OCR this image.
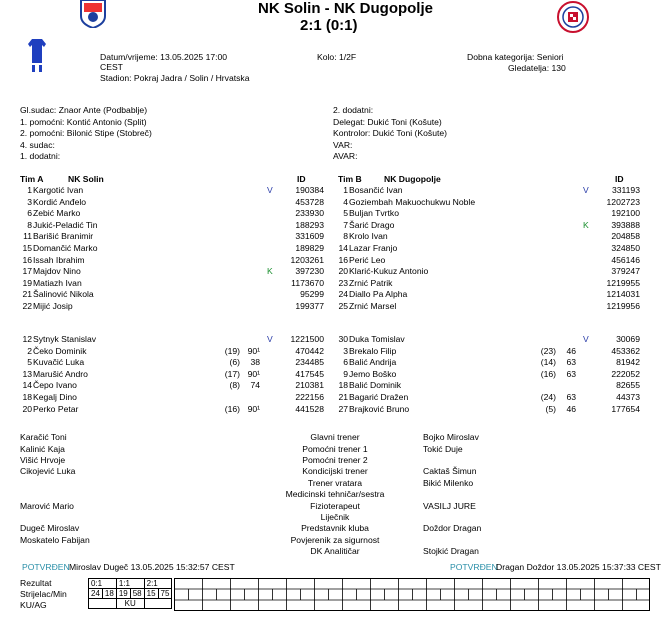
NK Solin - NK Dugopolje
2:1 (0:1)
Datum/vrijeme: 13.05.2025 17:00
CEST
Stadion: Pokraj Jadra / Solin / Hrvatska
Kolo: 1/2F	Dobna kategorija: Seniori
Gledatelja: 130
Gl.sudac: Znaor Ante (Podbablje)
1. pomoćni: Kontić Antonio (Split)
2. pomoćni: Bilonić Stipe (Stobreč)
4. sudac:
1. dodatni:
2. dodatni:
Delegat: Dukić Toni (Košute)
Kontrolor: Dukić Toni (Košute)
VAR:
AVAR:
Tim A	NK Solin	ID	Tim B	NK Dugopolje	ID
1 Kargotić Ivan	V	190384
3 Kordić Anđelo	453728
6 Zebić Marko	233930
8 Jukić-Peladić Tin	188293
11 Barišić Branimir	331609
15 Domančić Marko	189829
16 Issah Ibrahim	1203261
17 Majdov Nino	K	397230
19 Matiazh Ivan	1173670
21 Šalinović Nikola	95299
22 Mijić Josip	199377
12 Sytnyk Stanislav	V	1221500
2 Čeko Dominik	(19) 90¹	470442
5 Kuvačić Luka	(6)	38	234485
13 Marušić Andro	(17) 90¹	417545
14 Čepo Ivano	(8)	74	210381
18 Kegalj Dino	222156
20 Perko Petar	(16) 90¹	441528
1 Bosančić Ivan	V	331193
4 Goziembah Makuochukwu Noble	1202723
5 Buljan Tvrtko	192100
7 Šarić Drago	K	393888
8 Krolo Ivan	204858
14 Lazar Franjo	324850
16 Perić Leo	456146
20 Klarić-Kukuz Antonio	379247
23 Zrnić Patrik	1219955
24 Diallo Pa Alpha	1214031
25 Zrnić Marsel	1219956
30 Duka Tomislav	V	30069
3 Brekalo Filip	(23)	46	453362
6 Balić Andrija	(14)	63	81942
9 Jemo Boško	(16)	63	222052
18 Balić Dominik	82655
21 Bagarić Dražen	(24)	63	44373
27 Brajković Bruno	(5)	46	177654
Karačić Toni	Glavni trener	Bojko Miroslav
Kalinić Kaja	Pomoćni trener 1	Tokić Duje
Višić Hrvoje	Pomoćni trener 2
Cikojević Luka	Kondicijski trener	Caktaš Šimun
Trener vratara	Bikić Milenko
Medicinski tehničar/sestra
Marović Mario	Fizioterapeut	VASILJ JURE
Liječnik
Dugeč Miroslav	Predstavnik kluba	Doždor Dragan
Moskatelo Fabijan	Povjerenik za sigurnost
DK Analitičar	Stojkić Dragan
POTVRĐEN Miroslav Dugeč 13.05.2025 15:32:57 CEST	POTVRĐEN
Dragan Doždor 13.05.2025 15:37:33 CEST
Rezultat
Strijelac/Min
KU/AG
0:1		1:1		2:1	
24	18	19	58	15	75
		KU			
